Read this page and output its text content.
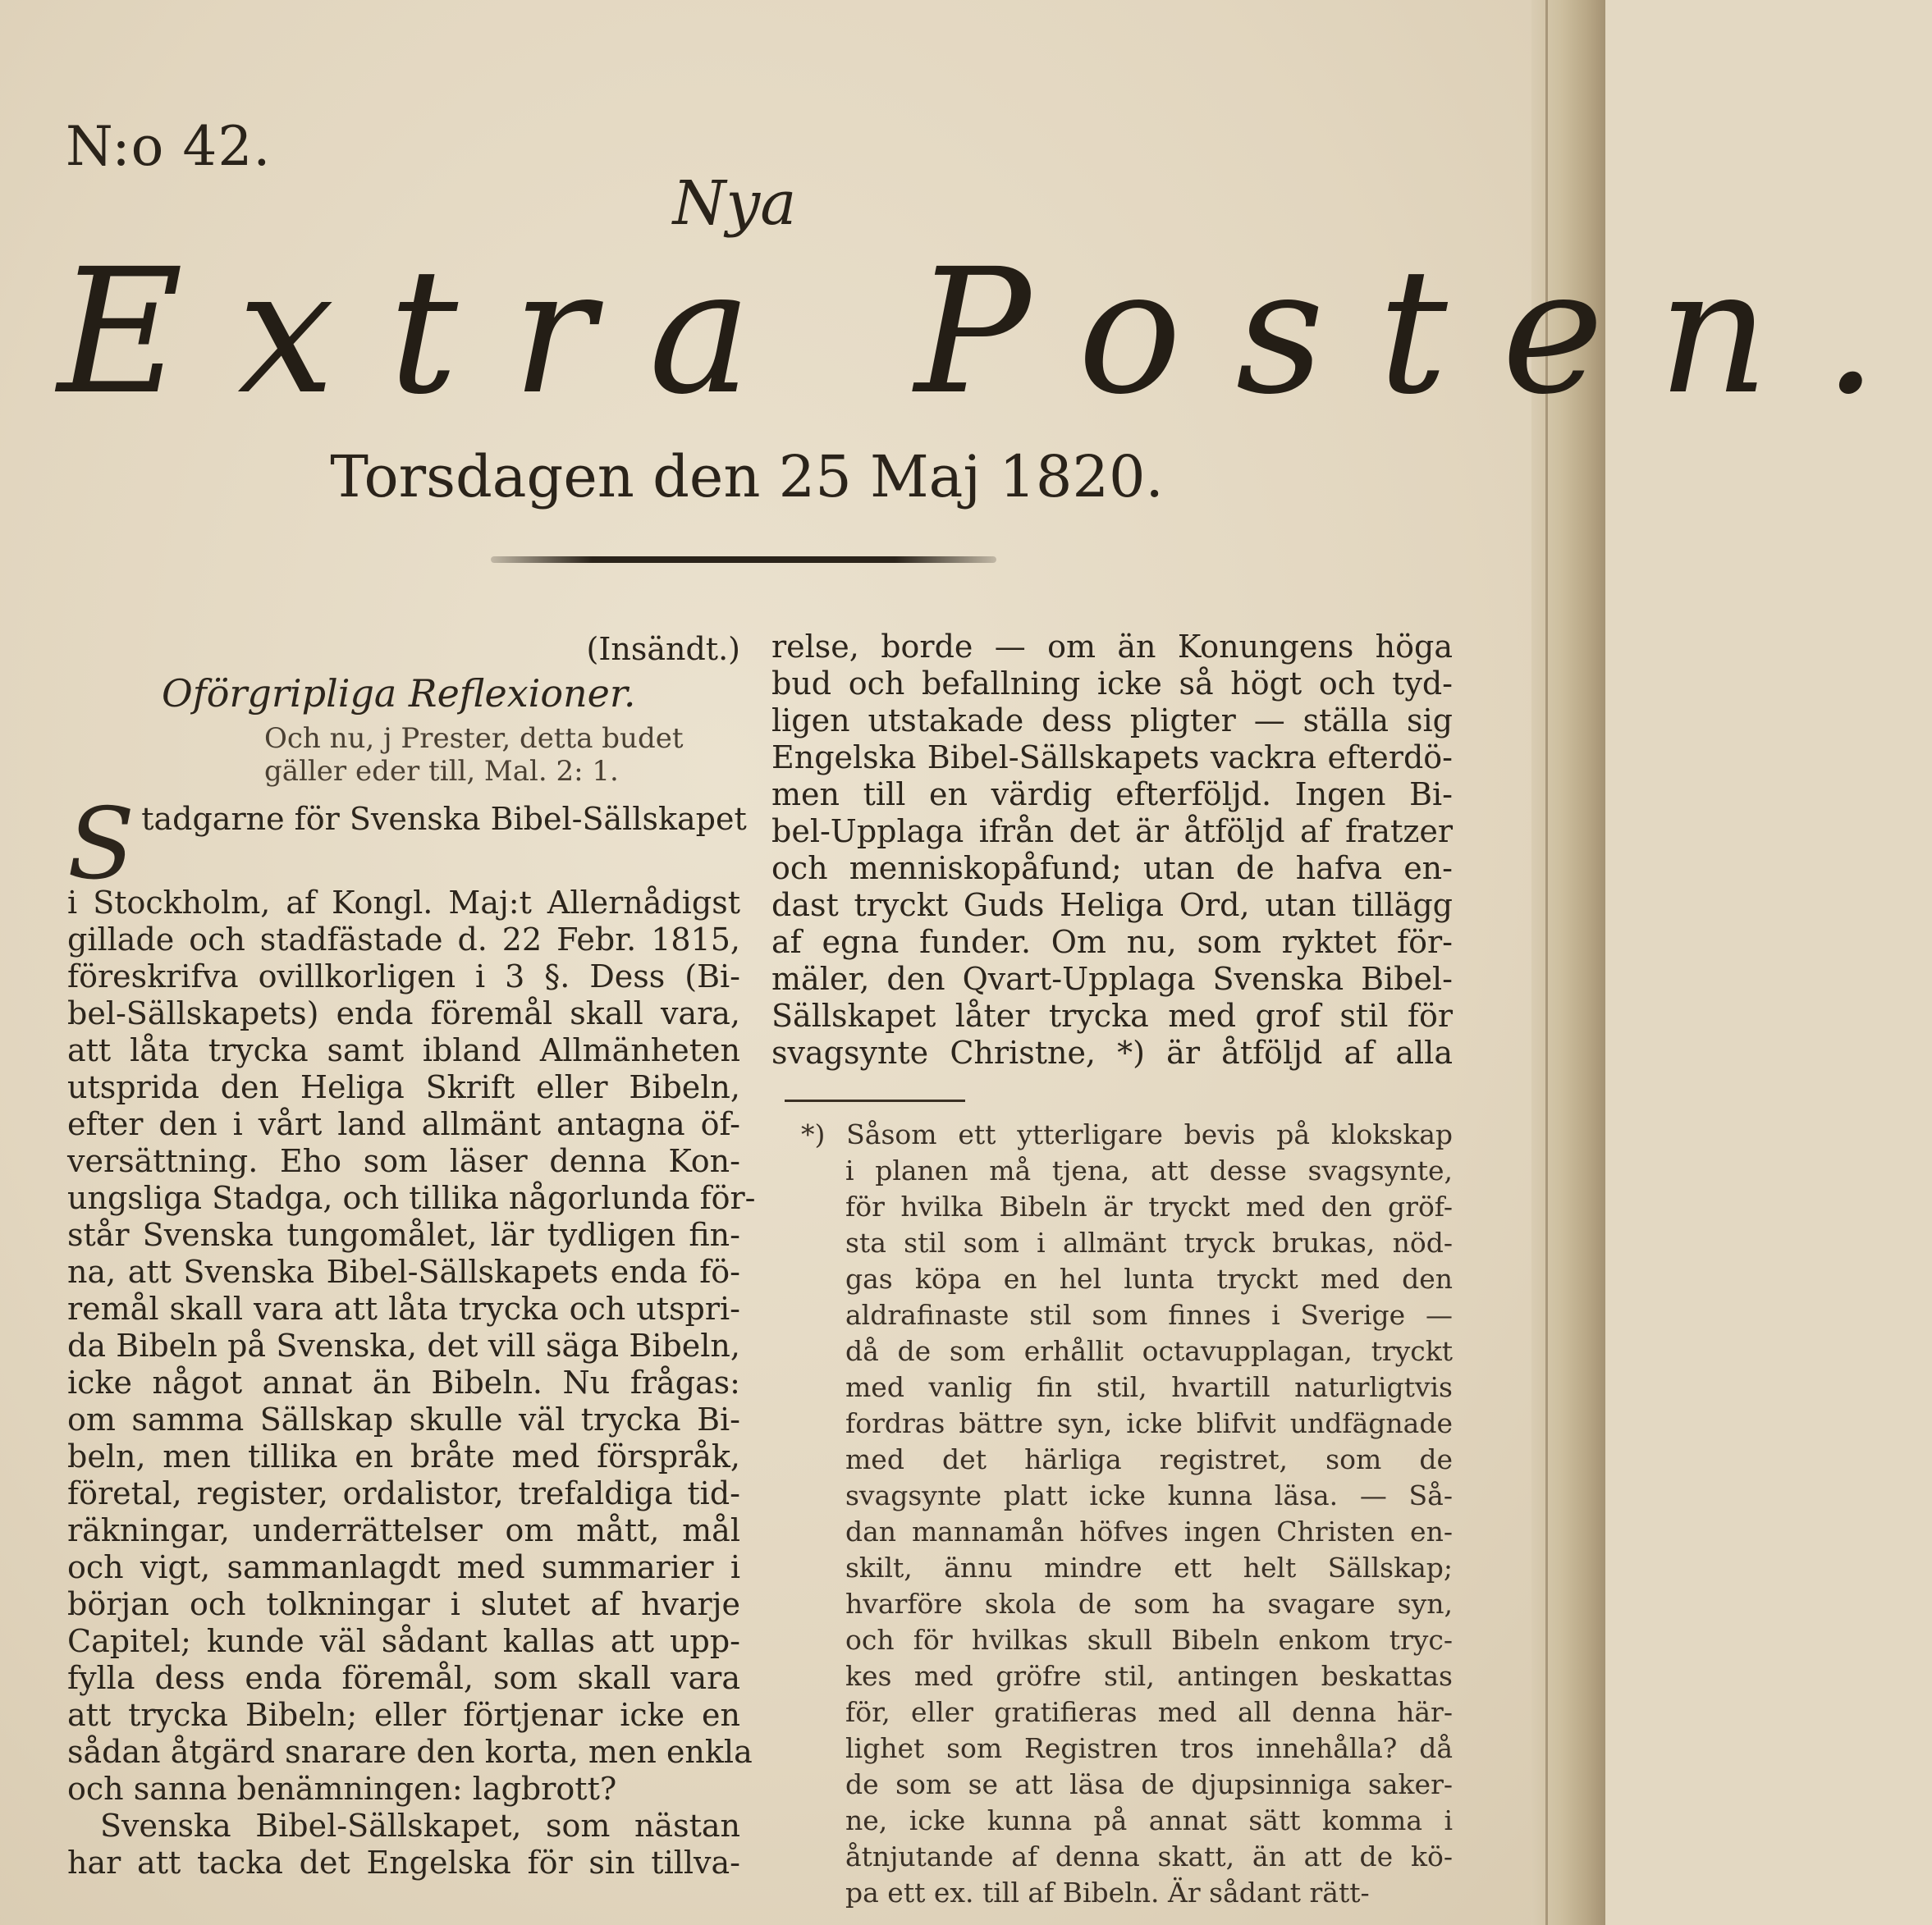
N:o 42.
Nya
Extra Posten.
Torsdagen den 25 Maj 1820.
(Insändt.)
Oförgripliga Reflexioner.

Och nu, j Prester, detta budet

gäller eder till, Mal. 2: 1.

S tadgarne för Svenska Bibel-Sällskapet

i Stockholm, af Kongl. Maj:t Allernådigst

gillade och stadfästade d. 22 Febr. 1815,

föreskrifva ovillkorligen i 3 §. Dess (Bi-

bel-Sällskapets) enda föremål skall vara,

att låta trycka samt ibland Allmänheten

utsprida den Heliga Skrift eller Bibeln,

efter den i vårt land allmänt antagna öf-

versättning. Eho som läser denna Kon-

ungsliga Stadga, och tillika någorlunda för-

står Svenska tungomålet, lär tydligen fin-

na, att Svenska Bibel-Sällskapets enda fö-

remål skall vara att låta trycka och utspri-

da Bibeln på Svenska, det vill säga Bibeln,

icke något annat än Bibeln. Nu frågas:

om samma Sällskap skulle väl trycka Bi-

beln, men tillika en bråte med förspråk,

företal, register, ordalistor, trefaldiga tid-

räkningar, underrättelser om mått, mål

och vigt, sammanlagdt med summarier i

början och tolkningar i slutet af hvarje

Capitel; kunde väl sådant kallas att upp-

fylla dess enda föremål, som skall vara

att trycka Bibeln; eller förtjenar icke en

sådan åtgärd snarare den korta, men enkla

och sanna benämningen: lagbrott?

Svenska Bibel-Sällskapet, som nästan

har att tacka det Engelska för sin tillva-

relse, borde — om än Konungens höga

bud och befallning icke så högt och tyd-

ligen utstakade dess pligter — ställa sig

Engelska Bibel-Sällskapets vackra efterdö-

men till en värdig efterföljd. Ingen Bi-

bel-Upplaga ifrån det är åtföljd af fratzer

och menniskopåfund; utan de hafva en-

dast tryckt Guds Heliga Ord, utan tillägg

af egna funder. Om nu, som ryktet för-

mäler, den Qvart-Upplaga Svenska Bibel-

Sällskapet låter trycka med grof stil för

svagsynte Christne, *) är åtföljd af alla

*) Såsom ett ytterligare bevis på klokskap

i planen må tjena, att desse svagsynte,

för hvilka Bibeln är tryckt med den gröf-

sta stil som i allmänt tryck brukas, nöd-

gas köpa en hel lunta tryckt med den

aldrafinaste stil som finnes i Sverige —

då de som erhållit octavupplagan, tryckt

med vanlig fin stil, hvartill naturligtvis

fordras bättre syn, icke blifvit undfägnade

med det härliga registret, som de

svagsynte platt icke kunna läsa. — Så-

dan mannamån höfves ingen Christen en-

skilt, ännu mindre ett helt Sällskap;

hvarföre skola de som ha svagare syn,

och för hvilkas skull Bibeln enkom tryc-

kes med gröfre stil, antingen beskattas

för, eller gratifieras med all denna här-

lighet som Registren tros innehålla? då

de som se att läsa de djupsinniga saker-

ne, icke kunna på annat sätt komma i

åtnjutande af denna skatt, än att de kö-

pa ett ex. till af Bibeln. Är sådant rätt-
